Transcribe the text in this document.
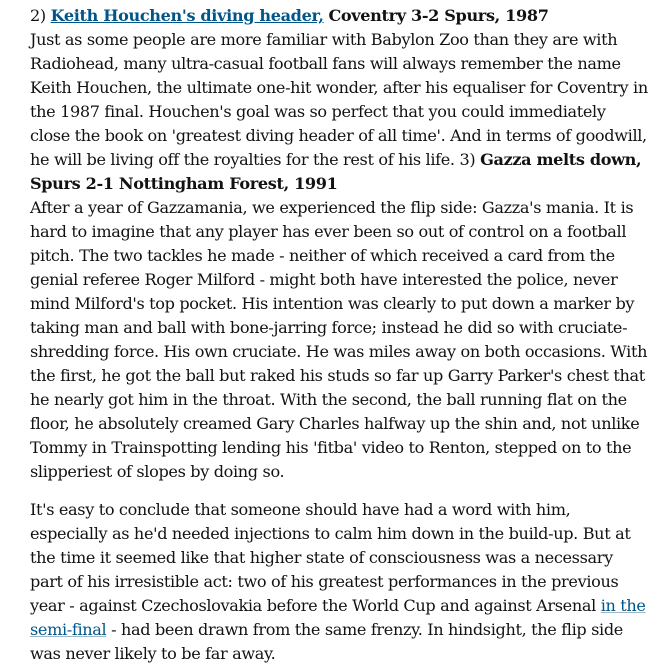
2) Keith Houchen's diving header, Coventry 3-2 Spurs, 1987
Just as some people are more familiar with Babylon Zoo than they are with Radiohead, many ultra-casual football fans will always remember the name Keith Houchen, the ultimate one-hit wonder, after his equaliser for Coventry in the 1987 final. Houchen's goal was so perfect that you could immediately close the book on 'greatest diving header of all time'. And in terms of goodwill, he will be living off the royalties for the rest of his life. 3) Gazza melts down, Spurs 2-1 Nottingham Forest, 1991
After a year of Gazzamania, we experienced the flip side: Gazza's mania. It is hard to imagine that any player has ever been so out of control on a football pitch. The two tackles he made - neither of which received a card from the genial referee Roger Milford - might both have interested the police, never mind Milford's top pocket. His intention was clearly to put down a marker by taking man and ball with bone-jarring force; instead he did so with cruciate-shredding force. His own cruciate. He was miles away on both occasions. With the first, he got the ball but raked his studs so far up Garry Parker's chest that he nearly got him in the throat. With the second, the ball running flat on the floor, he absolutely creamed Gary Charles halfway up the shin and, not unlike Tommy in Trainspotting lending his 'fitba' video to Renton, stepped on to the slipperiest of slopes by doing so.

It's easy to conclude that someone should have had a word with him, especially as he'd needed injections to calm him down in the build-up. But at the time it seemed like that higher state of consciousness was a necessary part of his irresistible act: two of his greatest performances in the previous year - against Czechoslovakia before the World Cup and against Arsenal in the semi-final - had been drawn from the same frenzy. In hindsight, the flip side was never likely to be far away.
